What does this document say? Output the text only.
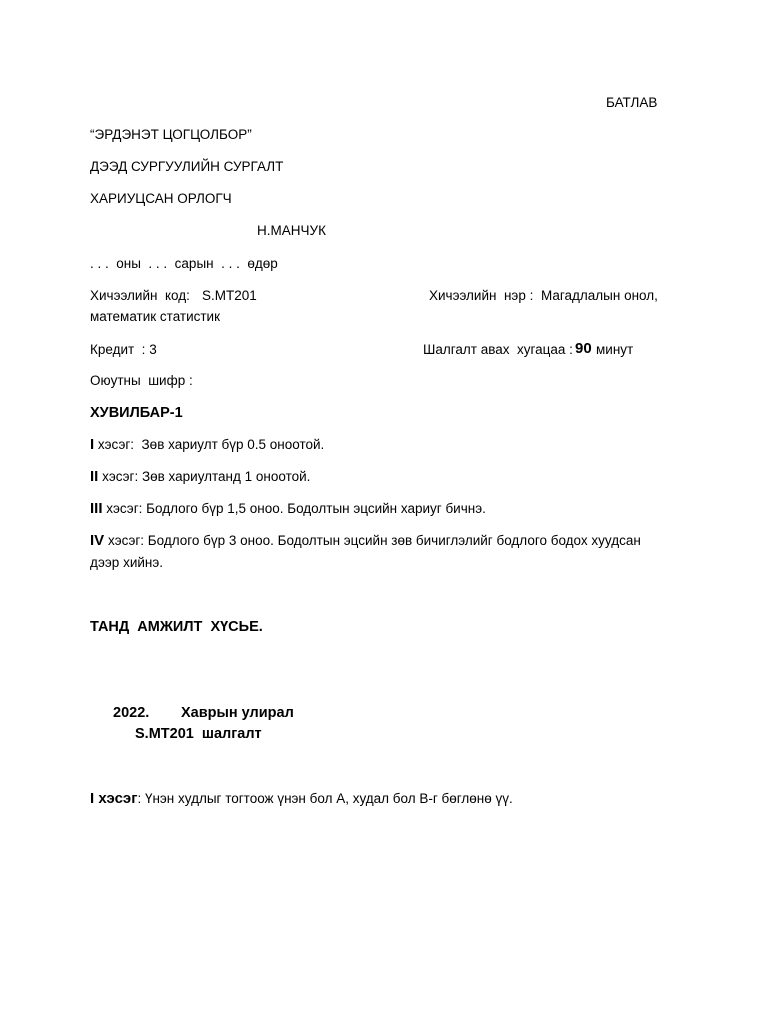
БАТЛАВ
“ЭРДЭНЭТ ЦОГЦОЛБОР”
ДЭЭД СУРГУУЛИЙН СУРГАЛТ
ХАРИУЦСАН ОРЛОГЧ
Н.МАНЧУК
. . .  оны  . . .  сарын  . . .  өдөр
Хичээлийн  код: S.MT201	Хичээлийн  нэр : Магадлалын онол,
математик статистик
Кредит  : 3	Шалгалт авах  хугацаа : 90 минут
Оюутны  шифр :
ХУВИЛБАР-1
I хэсэг:  Зөв хариулт бүр 0.5 оноотой.
II хэсэг: Зөв хариултанд 1 оноотой.
III хэсэг: Бодлого бүр 1,5 оноо. Бодолтын эцсийн хариуг бичнэ.
IV хэсэг: Бодлого бүр 3 оноо. Бодолтын эцсийн зөв бичиглэлийг бодлого бодох хуудсан
дээр хийнэ.
ТАНД  АМЖИЛТ  ХҮСЬЕ.
2022. Хаврын улирал
S.MT201  шалгалт
I хэсэг: Үнэн худлыг тогтоож үнэн бол А, худал бол В-г бөглөнө үү.
